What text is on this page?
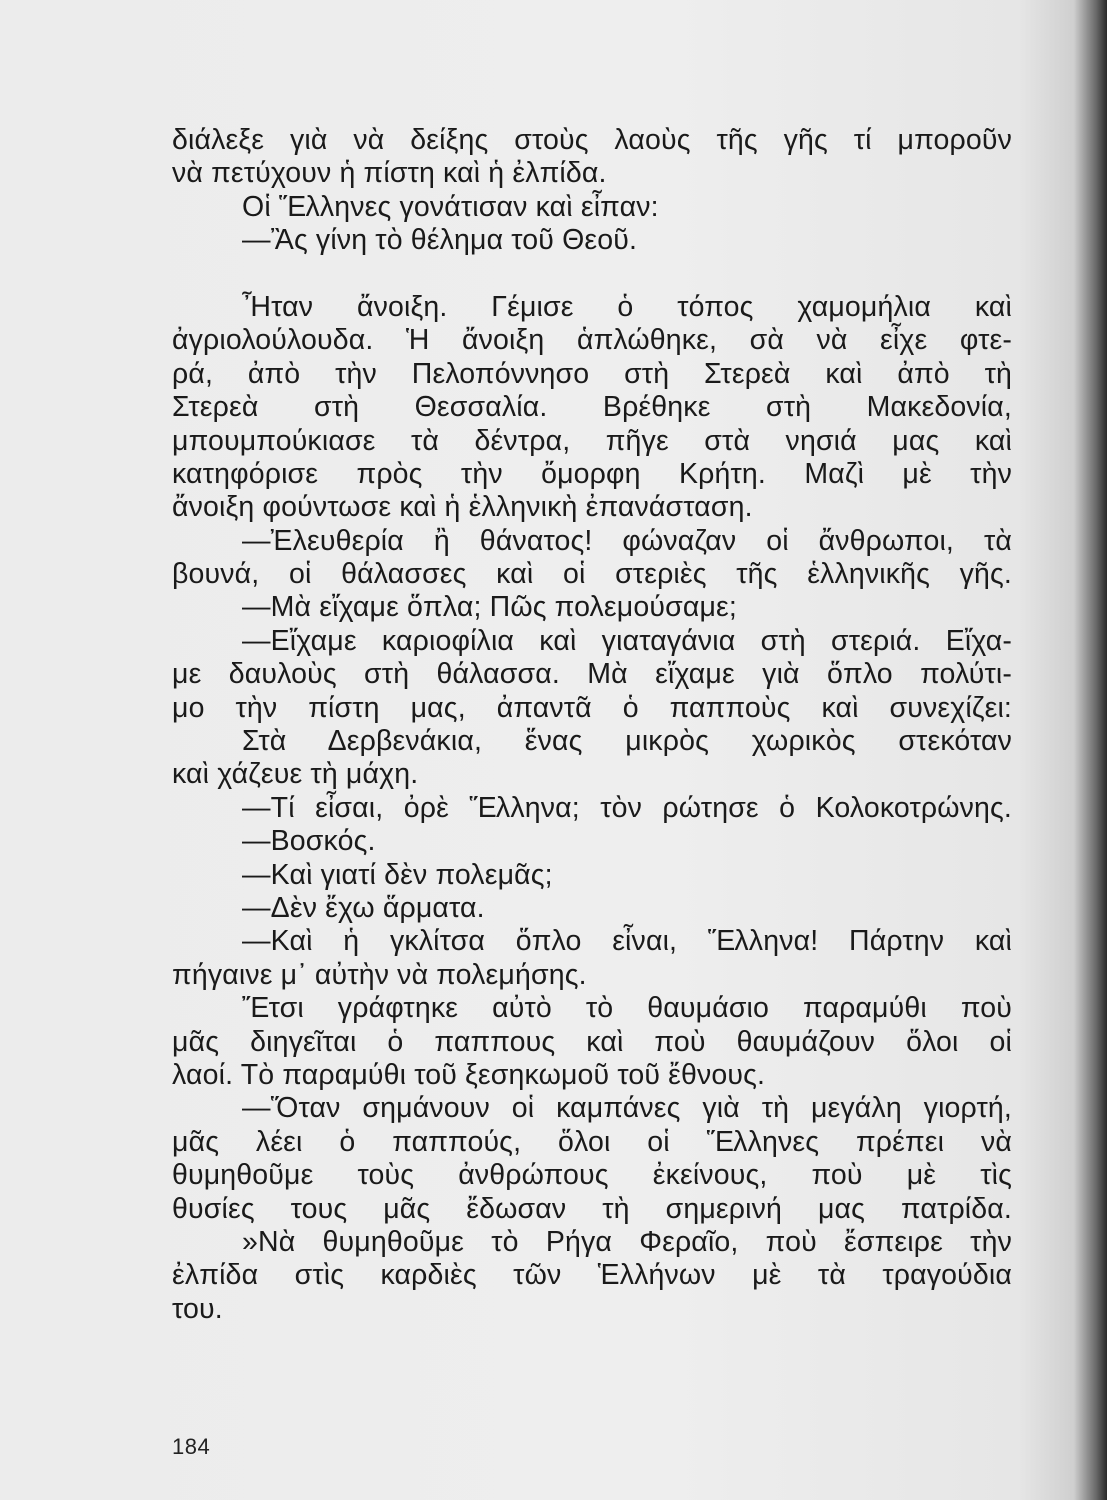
διάλεξε γιὰ νὰ δείξης στοὺς λαοὺς τῆς γῆς τί μποροῦν
νὰ πετύχουν ἡ πίστη καὶ ἡ ἐλπίδα.
Οἱ Ἕλληνες γονάτισαν καὶ εἶπαν:
—Ἂς γίνη τὸ θέλημα τοῦ Θεοῦ.
Ἦταν ἄνοιξη. Γέμισε ὁ τόπος χαμομήλια καὶ
ἀγριολούλουδα. Ἡ ἄνοιξη ἁπλώθηκε, σὰ νὰ εἶχε φτε-
ρά, ἀπὸ τὴν Πελοπόννησο στὴ Στερεὰ καὶ ἀπὸ τὴ
Στερεὰ στὴ Θεσσαλία. Βρέθηκε στὴ Μακεδονία,
μπουμπούκιασε τὰ δέντρα, πῆγε στὰ νησιά μας καὶ
κατηφόρισε πρὸς τὴν ὄμορφη Κρήτη. Μαζὶ μὲ τὴν
ἄνοιξη φούντωσε καὶ ἡ ἑλληνικὴ ἐπανάσταση.
—Ἐλευθερία ἢ θάνατος! φώναζαν οἱ ἄνθρωποι, τὰ
βουνά, οἱ θάλασσες καὶ οἱ στεριὲς τῆς ἑλληνικῆς γῆς.
—Μὰ εἴχαμε ὅπλα; Πῶς πολεμούσαμε;
—Εἴχαμε καριοφίλια καὶ γιαταγάνια στὴ στεριά. Εἴχα-
με δαυλοὺς στὴ θάλασσα. Μὰ εἴχαμε γιὰ ὅπλο πολύτι-
μο τὴν πίστη μας, ἀπαντᾶ ὁ παπποὺς καὶ συνεχίζει:
Στὰ Δερβενάκια, ἕνας μικρὸς χωρικὸς στεκόταν
καὶ χάζευε τὴ μάχη.
—Τί εἶσαι, ὀρὲ Ἕλληνα; τὸν ρώτησε ὁ Κολοκοτρώνης.
—Βοσκός.
—Καὶ γιατί δὲν πολεμᾶς;
—Δὲν ἔχω ἅρματα.
—Καὶ ἡ γκλίτσα ὅπλο εἶναι, Ἕλληνα! Πάρτην καὶ
πήγαινε μ᾽ αὐτὴν νὰ πολεμήσης.
Ἔτσι γράφτηκε αὐτὸ τὸ θαυμάσιο παραμύθι ποὺ
μᾶς διηγεῖται ὁ παππους καὶ ποὺ θαυμάζουν ὅλοι οἱ
λαοί. Τὸ παραμύθι τοῦ ξεσηκωμοῦ τοῦ ἔθνους.
—Ὅταν σημάνουν οἱ καμπάνες γιὰ τὴ μεγάλη γιορτή,
μᾶς λέει ὁ παππούς, ὅλοι οἱ Ἕλληνες πρέπει νὰ
θυμηθοῦμε τοὺς ἀνθρώπους ἐκείνους, ποὺ μὲ τὶς
θυσίες τους μᾶς ἔδωσαν τὴ σημερινή μας πατρίδα.
»Νὰ θυμηθοῦμε τὸ Ρήγα Φεραῖο, ποὺ ἔσπειρε τὴν
ἐλπίδα στὶς καρδιὲς τῶν Ἑλλήνων μὲ τὰ τραγούδια
του.
184
